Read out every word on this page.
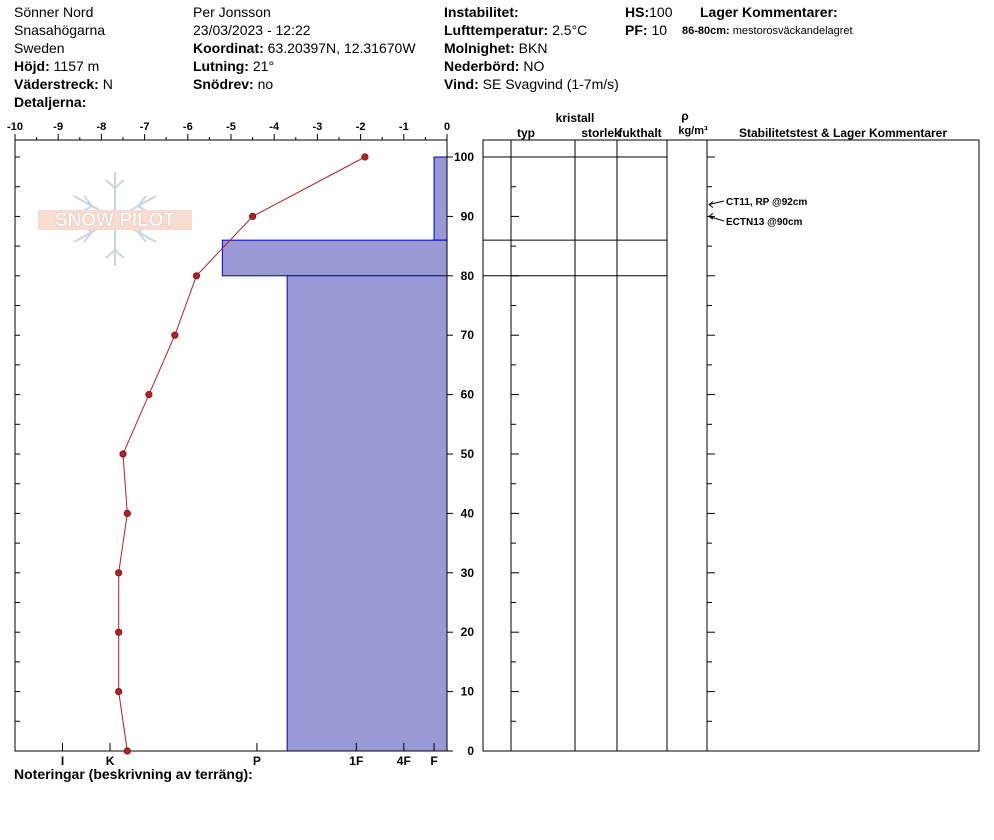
Sönner Nord
Snasahögarna
Sweden
Höjd: 1157 m
Väderstreck: N
Detaljerna:
Per Jonsson
23/03/2023 - 12:22
Koordinat: 63.20397N, 12.31670W
Lutning: 21°
Snödrev: no
Instabilitet:
Lufttemperatur: 2.5°C
Molnighet: BKN
Nederbörd: NO
Vind: SE Svagvind (1-7m/s)
HS:100
PF: 10
Lager Kommentarer:
86-80cm: mestorosväckandelagret
SNOW PILOT
-10	-9	-8	-7	-6	-5	-4	-3	-2	-1	0
0
10
20
30
40
50
60
70
80
90
100
I	K	P	1F	4F F
typ
kristall
storlek
fukthalt
ρ
kg/m³	Stabilitetstest & Lager Kommentarer
CT11, RP @92cm
ECTN13 @90cm
Noteringar (beskrivning av terräng):
